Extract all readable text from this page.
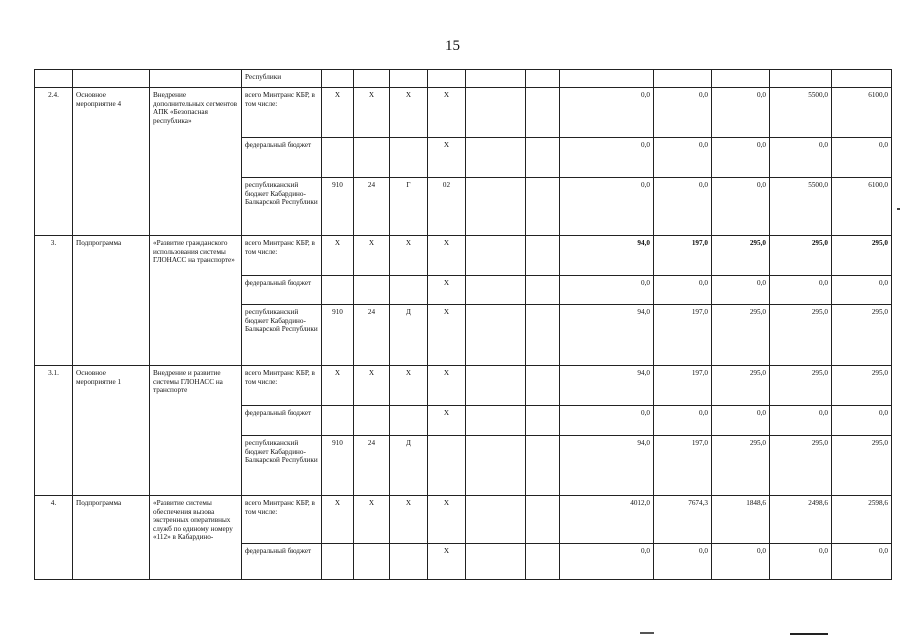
15
			Республики											
2.4.	Основное мероприятие 4	Внедрение дополнительных сегментов АПК «Безопасная республика»	всего Минтранс КБР, в том числе:	X	X	X	X			0,0	0,0	0,0	5500,0	6100,0
			федеральный бюджет				X			0,0	0,0	0,0	0,0	0,0
			республиканский бюджет Кабардино-Балкарской Республики	910	24	Г	02			0,0	0,0	0,0	5500,0	6100,0
3.	Подпрограмма	«Развитие гражданского использования системы ГЛОНАСС на транспорте»	всего Минтранс КБР, в том числе:	X	X	X	X			94,0	197,0	295,0	295,0	295,0
			федеральный бюджет				X			0,0	0,0	0,0	0,0	0,0
			республиканский бюджет Кабардино-Балкарской Республики	910	24	Д	X			94,0	197,0	295,0	295,0	295,0
3.1.	Основное мероприятие 1	Внедрение и развитие системы ГЛОНАСС на транспорте	всего Минтранс КБР, в том числе:	X	X	X	X			94,0	197,0	295,0	295,0	295,0
			федеральный бюджет				X			0,0	0,0	0,0	0,0	0,0
			республиканский бюджет Кабардино-Балкарской Республики	910	24	Д				94,0	197,0	295,0	295,0	295,0
4.	Подпрограмма	«Развитие системы обеспечения вызова экстренных оперативных служб по единому номеру «112» в Кабардино-	всего Минтранс КБР, в том числе:	X	X	X	X			4012,0	7674,3	1848,6	2498,6	2598,6
			федеральный бюджет				X			0,0	0,0	0,0	0,0	0,0
